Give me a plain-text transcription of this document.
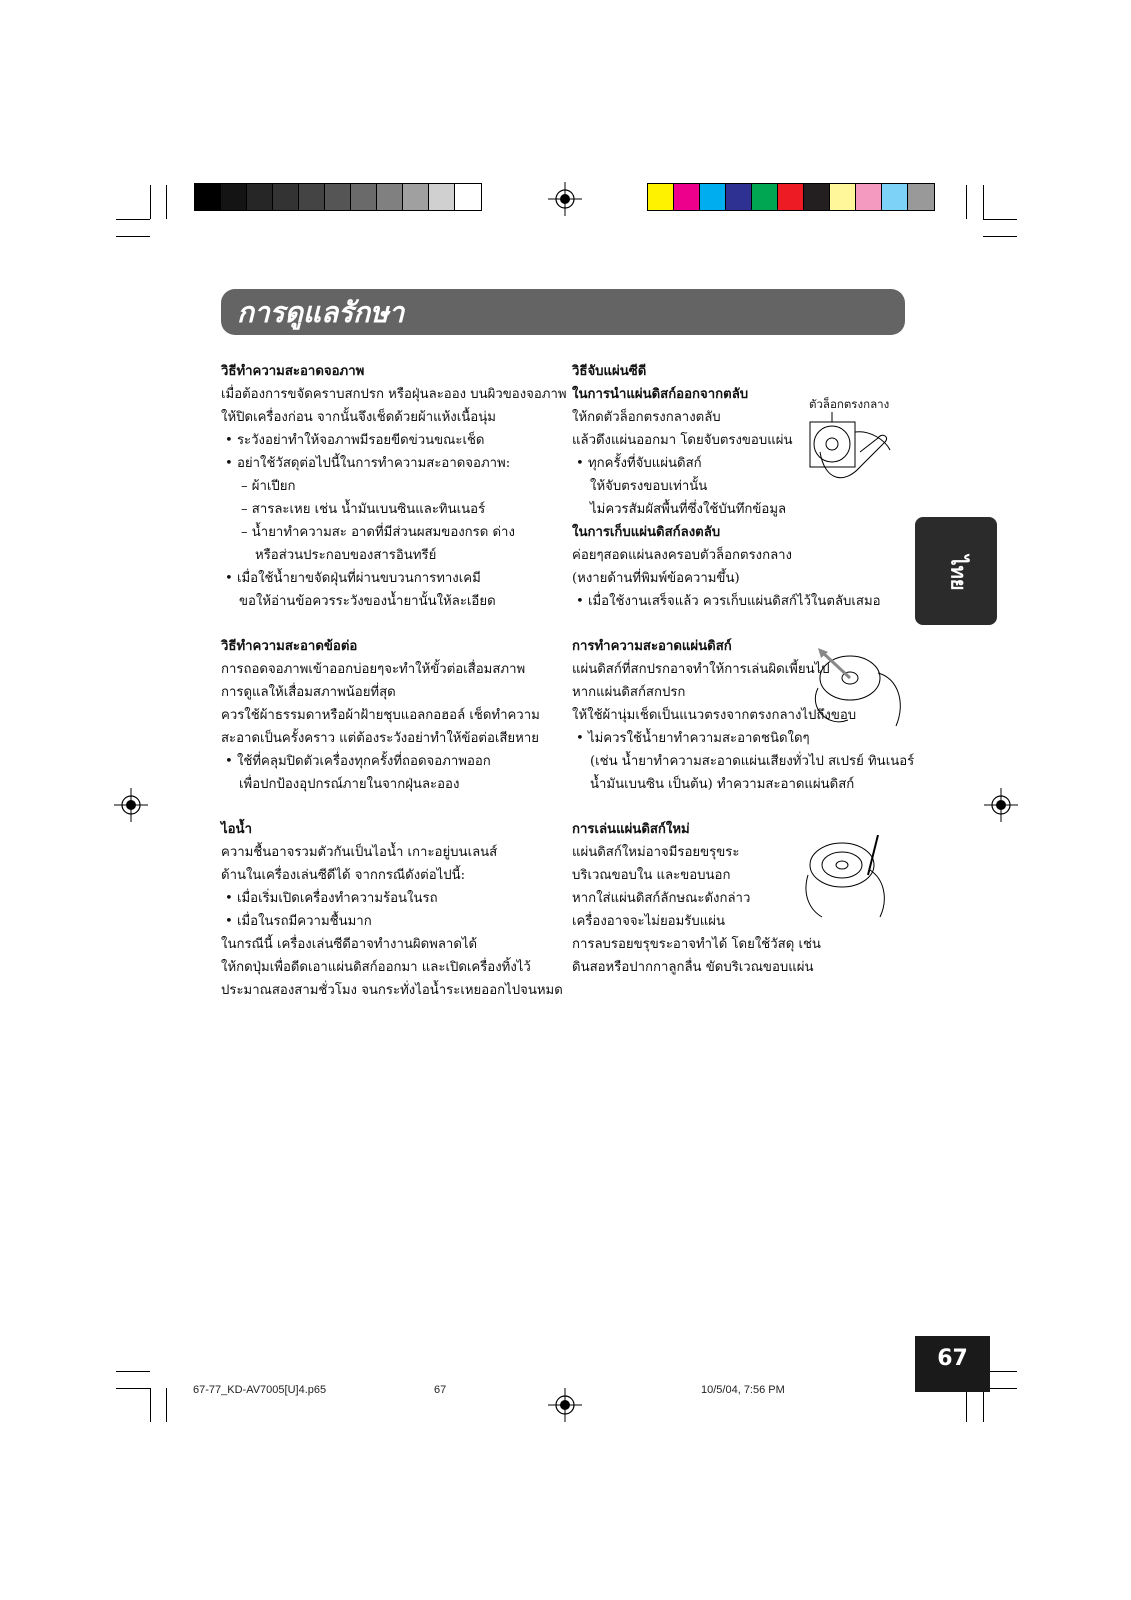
การดูแลรักษา

วิธีทำความสะอาดจอภาพ

เมื่อต้องการขจัดคราบสกปรก หรือฝุ่นละออง บนผิวของจอภาพ

ให้ปิดเครื่องก่อน จากนั้นจึงเช็ดด้วยผ้าแห้งเนื้อนุ่ม

• ระวังอย่าทำให้จอภาพมีรอยขีดข่วนขณะเช็ด

• อย่าใช้วัสดุต่อไปนี้ในการทำความสะอาดจอภาพ:

– ผ้าเปียก

– สารละเหย เช่น น้ำมันเบนซินและทินเนอร์

– น้ำยาทำความสะ อาดที่มีส่วนผสมของกรด ด่าง

หรือส่วนประกอบของสารอินทรีย์

• เมื่อใช้น้ำยาขจัดฝุ่นที่ผ่านขบวนการทางเคมี

ขอให้อ่านข้อควรระวังของน้ำยานั้นให้ละเอียด

วิธีทำความสะอาดข้อต่อ

การถอดจอภาพเข้าออกบ่อยๆจะทำให้ขั้วต่อเสื่อมสภาพ

การดูแลให้เสื่อมสภาพน้อยที่สุด

ควรใช้ผ้าธรรมดาหรือผ้าฝ้ายชุบแอลกอฮอล์ เช็ดทำความ

สะอาดเป็นครั้งคราว แต่ต้องระวังอย่าทำให้ข้อต่อเสียหาย

• ใช้ที่คลุมปิดตัวเครื่องทุกครั้งที่ถอดจอภาพออก

เพื่อปกป้องอุปกรณ์ภายในจากฝุ่นละออง

ไอน้ำ

ความชื้นอาจรวมตัวกันเป็นไอน้ำ เกาะอยู่บนเลนส์

ด้านในเครื่องเล่นซีดีได้ จากกรณีดังต่อไปนี้:

• เมื่อเริ่มเปิดเครื่องทำความร้อนในรถ

• เมื่อในรถมีความชื้นมาก

ในกรณีนี้ เครื่องเล่นซีดีอาจทำงานผิดพลาดได้

ให้กดปุ่มเพื่อดีดเอาแผ่นดิสก์ออกมา และเปิดเครื่องทิ้งไว้

ประมาณสองสามชั่วโมง จนกระทั่งไอน้ำระเหยออกไปจนหมด

วิธีจับแผ่นซีดี

ในการนำแผ่นดิสก์ออกจากตลับ

ให้กดตัวล็อกตรงกลางตลับ

แล้วดึงแผ่นออกมา โดยจับตรงขอบแผ่น

• ทุกครั้งที่จับแผ่นดิสก์

ให้จับตรงขอบเท่านั้น

ไม่ควรสัมผัสพื้นที่ซึ่งใช้บันทึกข้อมูล

ในการเก็บแผ่นดิสก์ลงตลับ

ค่อยๆสอดแผ่นลงครอบตัวล็อกตรงกลาง

(หงายด้านที่พิมพ์ข้อความขึ้น)

• เมื่อใช้งานเสร็จแล้ว ควรเก็บแผ่นดิสก์ไว้ในตลับเสมอ

การทำความสะอาดแผ่นดิสก์

แผ่นดิสก์ที่สกปรกอาจทำให้การเล่นผิดเพี้ยนไป

หากแผ่นดิสก์สกปรก

ให้ใช้ผ้านุ่มเช็ดเป็นแนวตรงจากตรงกลางไปถึงขอบ

• ไม่ควรใช้น้ำยาทำความสะอาดชนิดใดๆ

(เช่น น้ำยาทำความสะอาดแผ่นเสียงทั่วไป สเปรย์ ทินเนอร์

น้ำมันเบนซิน เป็นต้น) ทำความสะอาดแผ่นดิสก์

การเล่นแผ่นดิสก์ใหม่

แผ่นดิสก์ใหม่อาจมีรอยขรุขระ

บริเวณขอบใน และขอบนอก

หากใส่แผ่นดิสก์ลักษณะดังกล่าว

เครื่องอาจจะไม่ยอมรับแผ่น

การลบรอยขรุขระอาจทำได้ โดยใช้วัสดุ เช่น

ดินสอหรือปากกาลูกลื่น ขัดบริเวณขอบแผ่น

ตัวล็อกตรงกลาง
ไทย
67
67-77_KD-AV7005[U]4.p65	67	10/5/04, 7:56 PM
